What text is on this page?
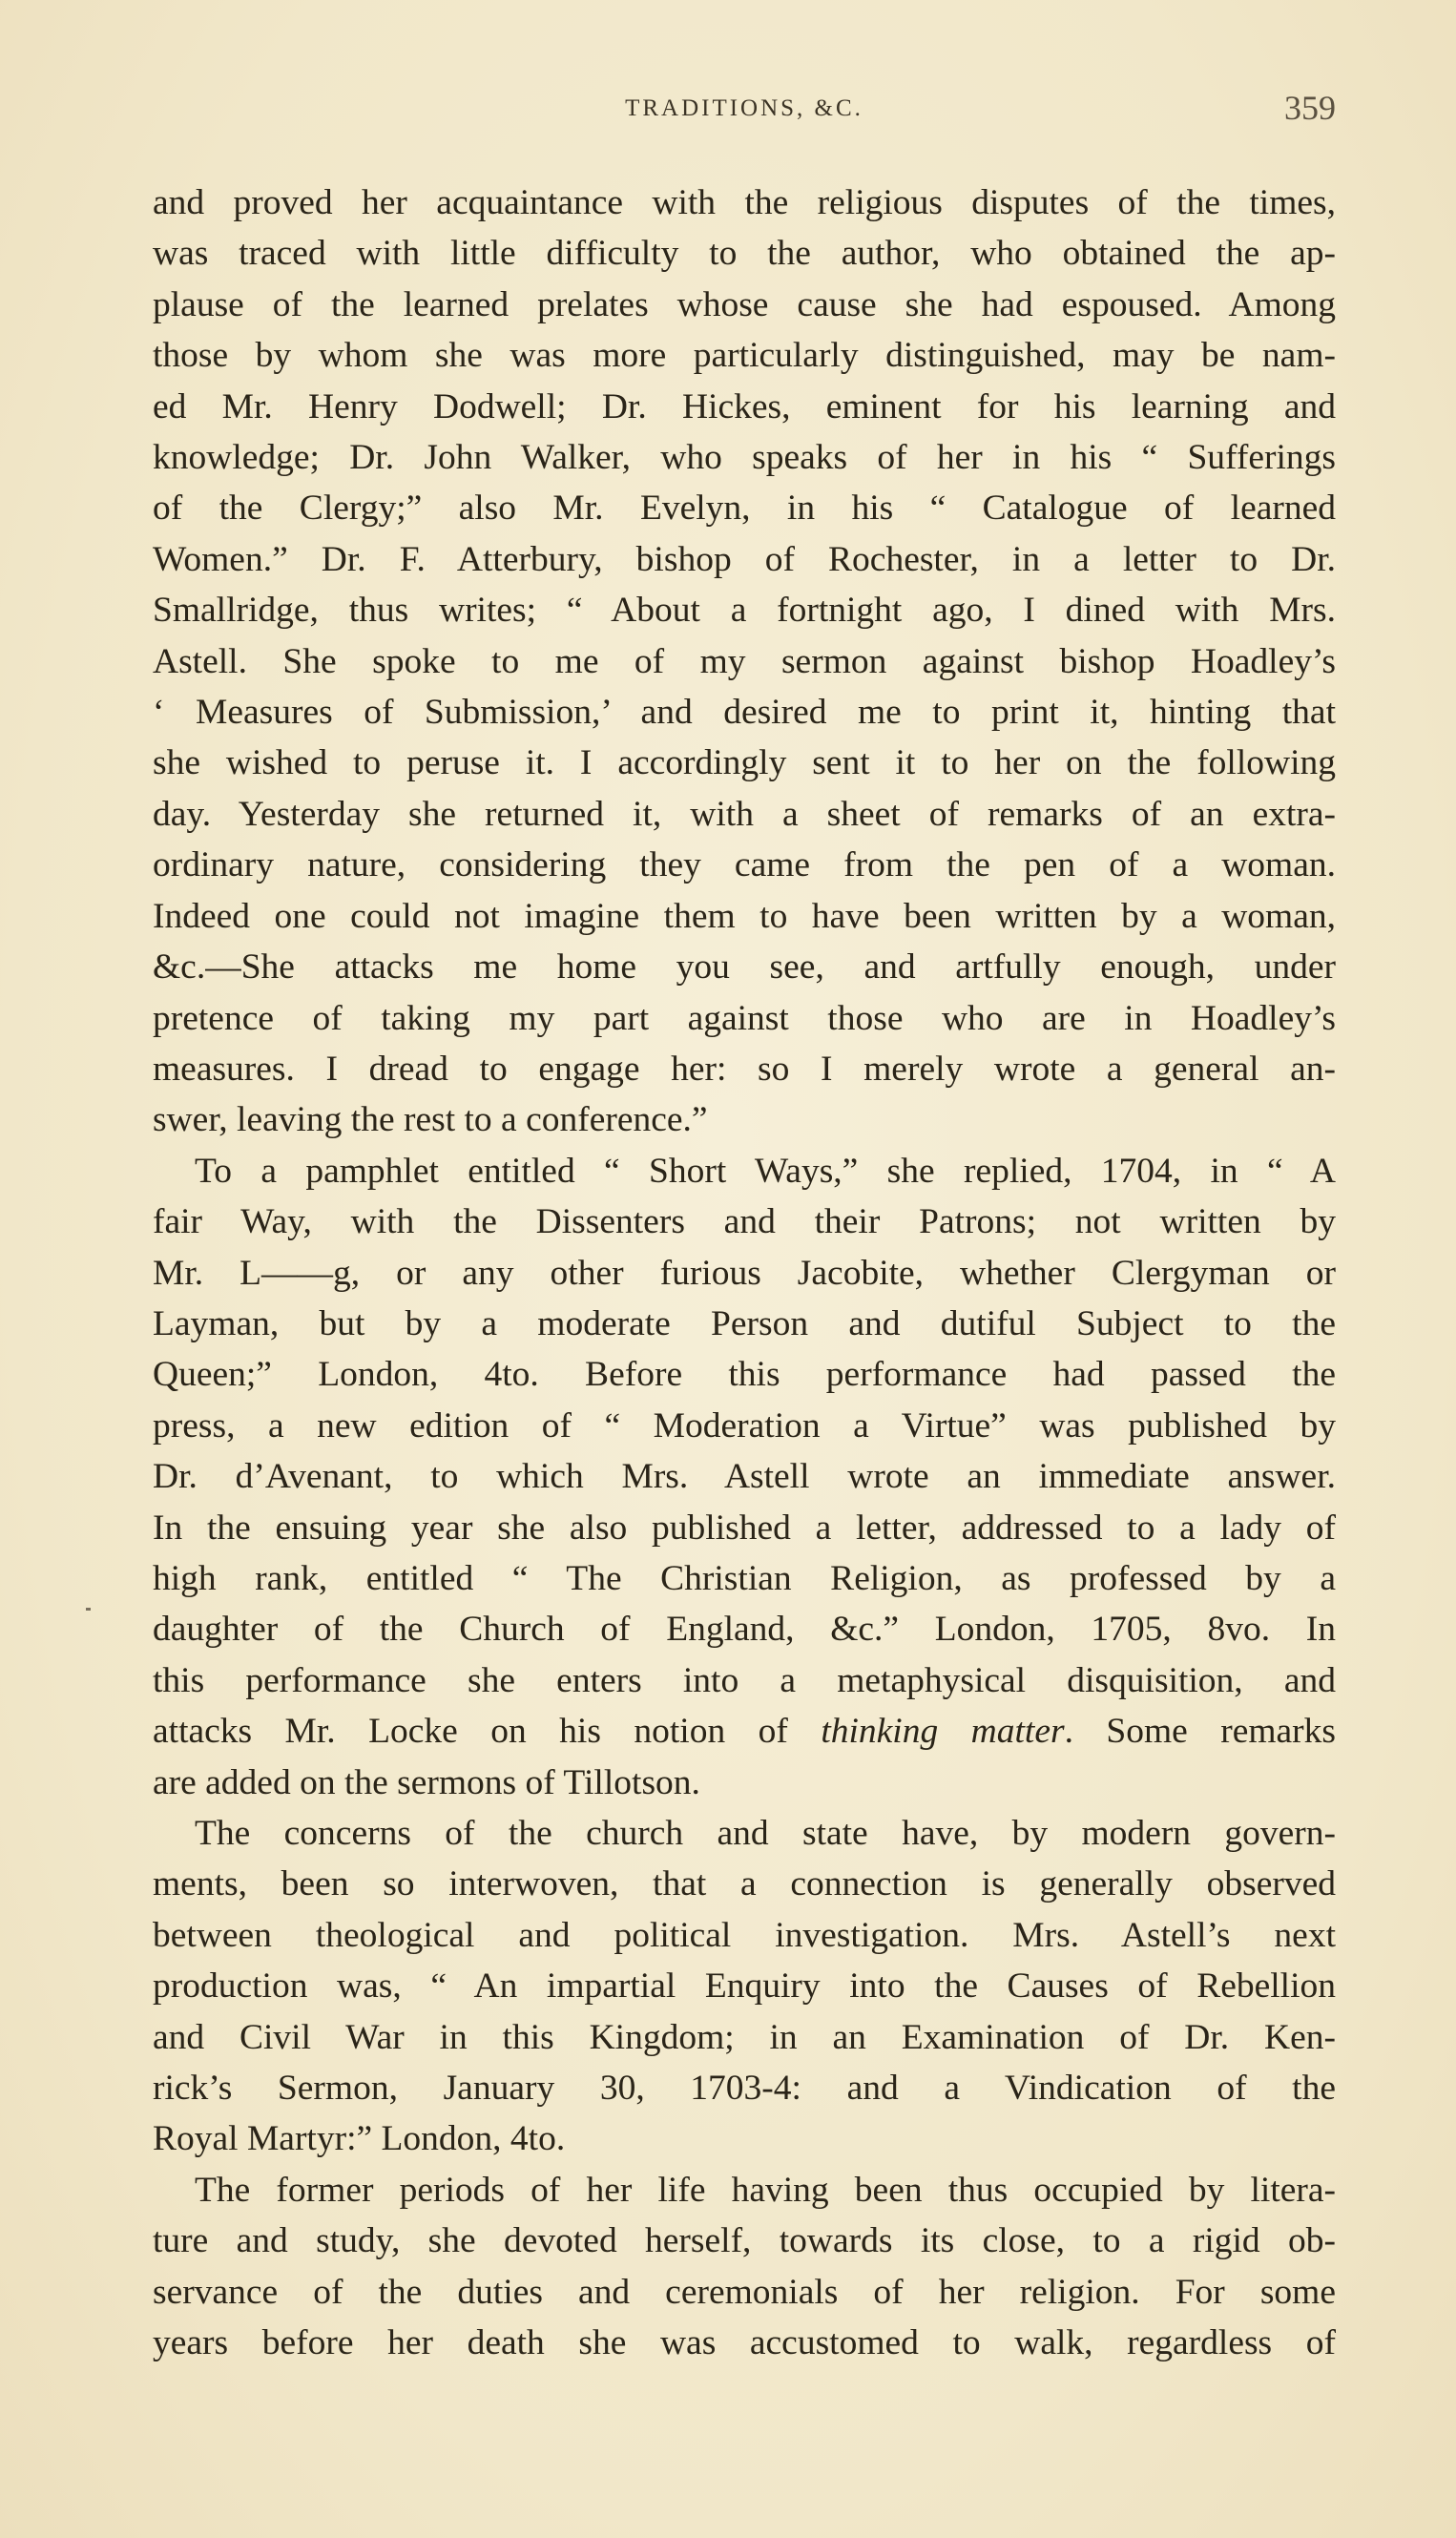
TRADITIONS, &C.	359
and proved her acquaintance with the religious disputes of the times,
was traced with little difficulty to the author, who obtained the ap-
plause of the learned prelates whose cause she had espoused. Among
those by whom she was more particularly distinguished, may be nam-
ed Mr. Henry Dodwell; Dr. Hickes, eminent for his learning and
knowledge; Dr. John Walker, who speaks of her in his “ Sufferings
of the Clergy;” also Mr. Evelyn, in his “ Catalogue of learned
Women.” Dr. F. Atterbury, bishop of Rochester, in a letter to Dr.
Smallridge, thus writes; “ About a fortnight ago, I dined with Mrs.
Astell. She spoke to me of my sermon against bishop Hoadley’s
‘ Measures of Submission,’ and desired me to print it, hinting that
she wished to peruse it. I accordingly sent it to her on the following
day. Yesterday she returned it, with a sheet of remarks of an extra-
ordinary nature, considering they came from the pen of a woman.
Indeed one could not imagine them to have been written by a woman,
&c.—She attacks me home you see, and artfully enough, under
pretence of taking my part against those who are in Hoadley’s
measures. I dread to engage her: so I merely wrote a general an-
swer, leaving the rest to a conference.”
To a pamphlet entitled “ Short Ways,” she replied, 1704, in “ A
fair Way, with the Dissenters and their Patrons; not written by
Mr. L——g, or any other furious Jacobite, whether Clergyman or
Layman, but by a moderate Person and dutiful Subject to the
Queen;” London, 4to. Before this performance had passed the
press, a new edition of “ Moderation a Virtue” was published by
Dr. d’Avenant, to which Mrs. Astell wrote an immediate answer.
In the ensuing year she also published a letter, addressed to a lady of
high rank, entitled “ The Christian Religion, as professed by a
daughter of the Church of England, &c.” London, 1705, 8vo. In
this performance she enters into a metaphysical disquisition, and
attacks Mr. Locke on his notion of thinking matter. Some remarks
are added on the sermons of Tillotson.
The concerns of the church and state have, by modern govern-
ments, been so interwoven, that a connection is generally observed
between theological and political investigation. Mrs. Astell’s next
production was, “ An impartial Enquiry into the Causes of Rebellion
and Civil War in this Kingdom; in an Examination of Dr. Ken-
rick’s Sermon, January 30, 1703-4: and a Vindication of the
Royal Martyr:” London, 4to.
The former periods of her life having been thus occupied by litera-
ture and study, she devoted herself, towards its close, to a rigid ob-
servance of the duties and ceremonials of her religion. For some
years before her death she was accustomed to walk, regardless of
